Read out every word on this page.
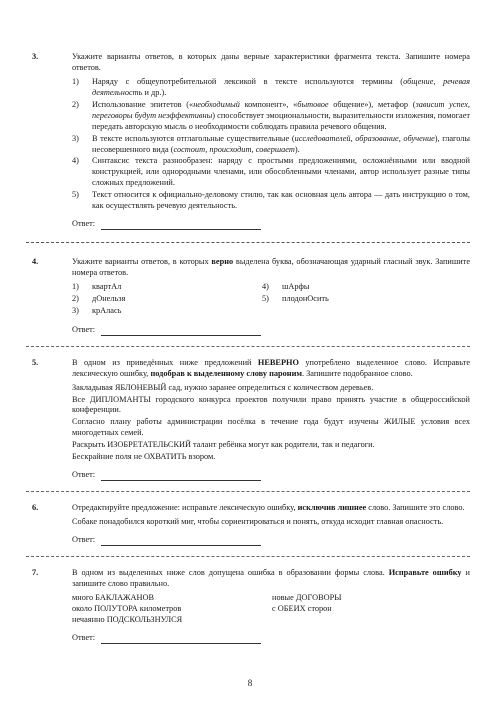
3.	Укажите варианты ответов, в которых даны верные характеристики фрагмента текста. Запишите номера ответов.
1)	Наряду с общеупотребительной лексикой в тексте используются термины (общение, речевая деятельность и др.).
2)	Использование эпитетов («необходимый компонент», «бытовое общение»), метафор (зависит успех, переговоры будут неэффективны) способствует эмоциональности, выразительности изложения, помогает передать авторскую мысль о необходимости соблюдать правила речевого общения.
3)	В тексте используются отглагольные существительные (исследователей, образование, обучение), глаголы несовершенного вида (состоит, происходит, совершает).
4)	Синтаксис текста разнообразен: наряду с простыми предложениями, осложнёнными или вводной конструкцией, или однородными членами, или обособленными членами, автор использует разные типы сложных предложений.
5)	Текст относится к официально-деловому стилю, так как основная цель автора — дать инструкцию о том, как осуществлять речевую деятельность.
Ответ:
4.	Укажите варианты ответов, в которых верно выделена буква, обозначающая ударный гласный звук. Запишите номера ответов.
1)	квартАл
2)	дОнельзя
3)	крАлась
4)	шАрфы
5)	плодонОсить
Ответ:
5.	В одном из приведённых ниже предложений НЕВЕРНО употреблено выделенное слово. Исправьте лексическую ошибку, подобрав к выделенному слову пароним. Запишите подобранное слово.
Закладывая ЯБЛОНЕВЫЙ сад, нужно заранее определиться с количеством деревьев.
Все ДИПЛОМАНТЫ городского конкурса проектов получили право принять участие в общероссийской конференции.
Согласно плану работы администрации посёлка в течение года будут изучены ЖИЛЫЕ условия всех многодетных семей.
Раскрыть ИЗОБРЕТАТЕЛЬСКИЙ талант ребёнка могут как родители, так и педагоги.
Бескрайние поля не ОХВАТИТЬ взором.
Ответ:
6.	Отредактируйте предложение: исправьте лексическую ошибку, исключив лишнее слово. Запишите это слово.
Собаке понадобился короткий миг, чтобы сориентироваться и понять, откуда исходит главная опасность.
Ответ:
7.	В одном из выделенных ниже слов допущена ошибка в образовании формы слова. Исправьте ошибку и запишите слово правильно.
много БАКЛАЖАНОВ	новые ДОГОВОРЫ
около ПОЛУТОРА километров	с ОБЕИХ сторон
нечаянно ПОДСКОЛЬЗНУЛСЯ
Ответ:
8
